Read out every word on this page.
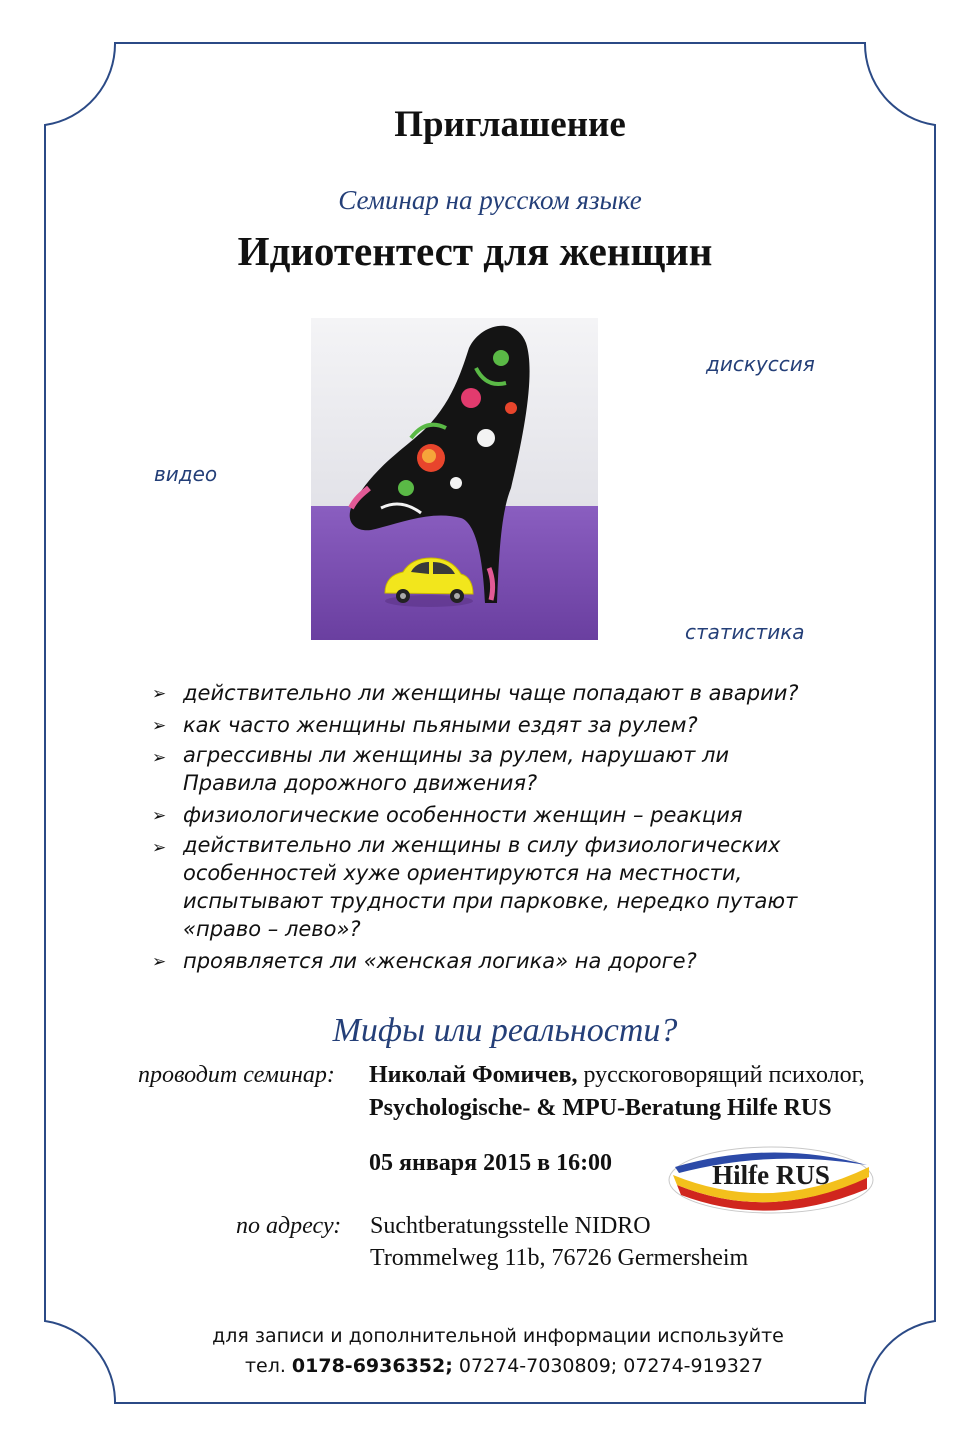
Приглашение
Семинар на русском языке
Идиотентест для женщин
дискуссия
видео
статистика
➢ действительно ли женщины чаще попадают в аварии?
➢ как часто женщины пьяными ездят за рулем?
➢ агрессивны ли женщины за рулем, нарушают ли Правила дорожного движения?
➢ физиологические особенности женщин – реакция
➢ действительно ли женщины в силу физиологических особенностей хуже ориентируются на местности, испытывают трудности при парковке, нередко путают «право – лево»?
➢ проявляется ли «женская логика» на дороге?
Мифы или реальности?
проводит семинар: Николай Фомичев, русскоговорящий психолог,
Psychologische- & MPU-Beratung Hilfe RUS
05 января 2015 в 16:00	Hilfe RUS
по адресу: Suchtberatungsstelle NIDRO
Trommelweg 11b, 76726 Germersheim
для записи и дополнительной информации используйте
тел. 0178-6936352; 07274-7030809; 07274-919327
